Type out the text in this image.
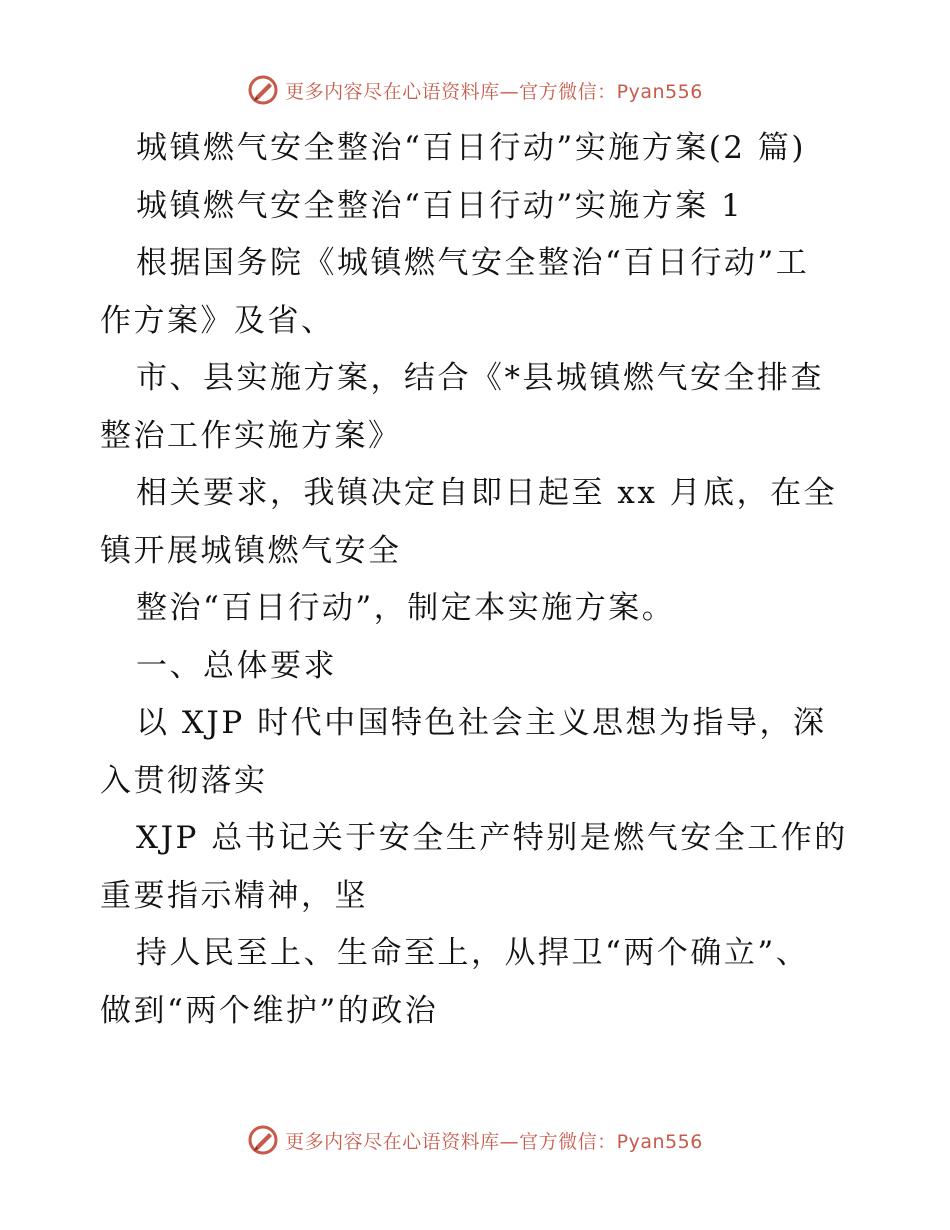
更多内容尽在心语资料库—官方微信：Pyan556
城镇燃气安全整治“百日行动”实施方案(2 篇)
城镇燃气安全整治“百日行动”实施方案 1
根据国务院《城镇燃气安全整治“百日行动”工
作方案》及省、
市、县实施方案，结合《*县城镇燃气安全排查
整治工作实施方案》
相关要求，我镇决定自即日起至 xx 月底，在全
镇开展城镇燃气安全
整治“百日行动”，制定本实施方案。
一、总体要求
以 XJP 时代中国特色社会主义思想为指导，深
入贯彻落实
XJP 总书记关于安全生产特别是燃气安全工作的
重要指示精神，坚
持人民至上、生命至上，从捍卫“两个确立”、
做到“两个维护”的政治
更多内容尽在心语资料库—官方微信：Pyan556
